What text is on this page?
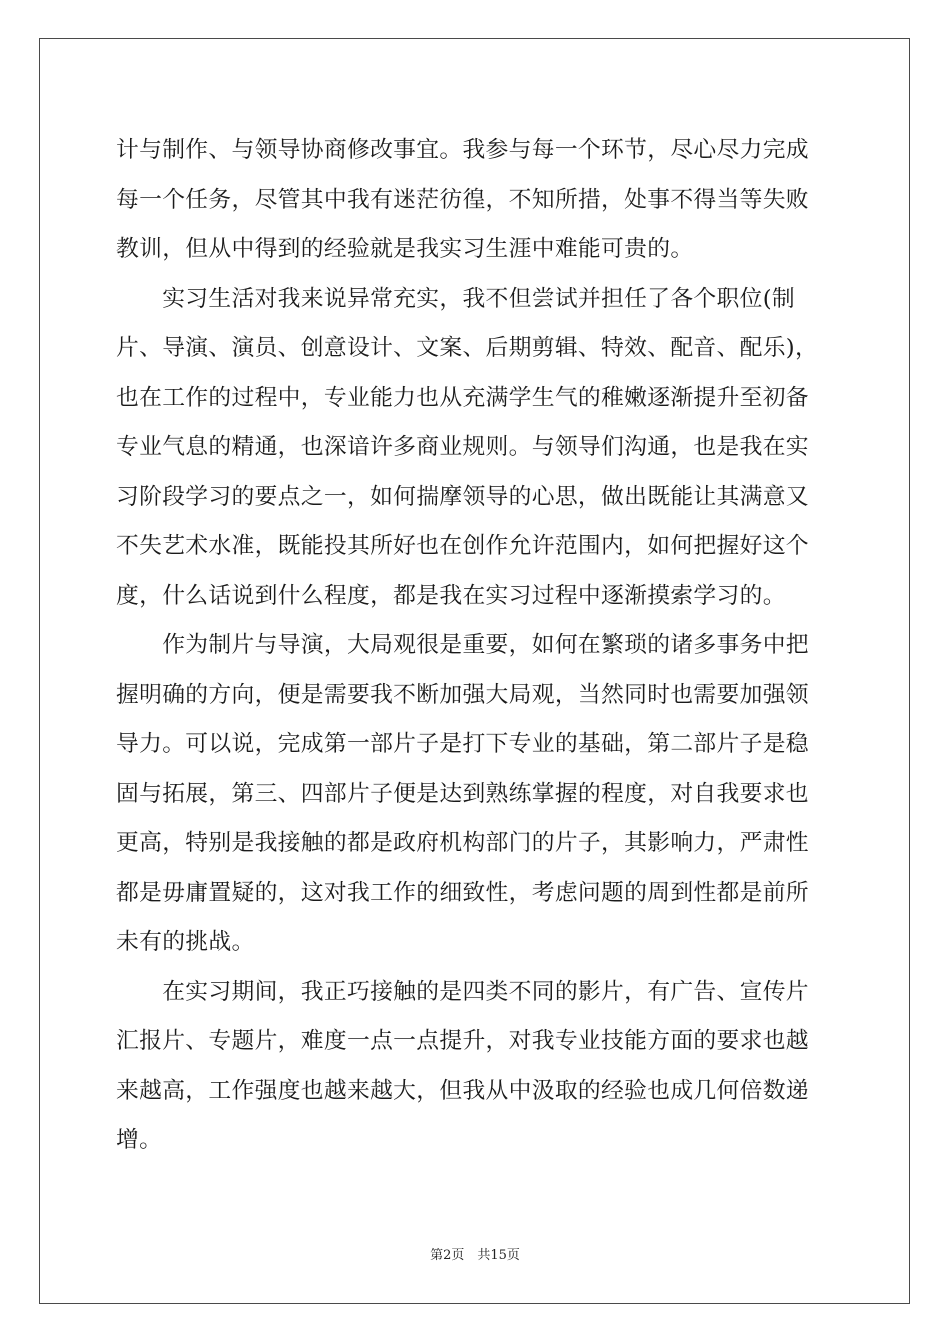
计与制作、与领导协商修改事宜。我参与每一个环节，尽心尽力完成
每一个任务，尽管其中我有迷茫彷徨，不知所措，处事不得当等失败
教训，但从中得到的经验就是我实习生涯中难能可贵的。
　　实习生活对我来说异常充实，我不但尝试并担任了各个职位(制
片、导演、演员、创意设计、文案、后期剪辑、特效、配音、配乐)，
也在工作的过程中，专业能力也从充满学生气的稚嫩逐渐提升至初备
专业气息的精通，也深谙许多商业规则。与领导们沟通，也是我在实
习阶段学习的要点之一，如何揣摩领导的心思，做出既能让其满意又
不失艺术水准，既能投其所好也在创作允许范围内，如何把握好这个
度，什么话说到什么程度，都是我在实习过程中逐渐摸索学习的。
　　作为制片与导演，大局观很是重要，如何在繁琐的诸多事务中把
握明确的方向，便是需要我不断加强大局观，当然同时也需要加强领
导力。可以说，完成第一部片子是打下专业的基础，第二部片子是稳
固与拓展，第三、四部片子便是达到熟练掌握的程度，对自我要求也
更高，特别是我接触的都是政府机构部门的片子，其影响力，严肃性
都是毋庸置疑的，这对我工作的细致性，考虑问题的周到性都是前所
未有的挑战。
　　在实习期间，我正巧接触的是四类不同的影片，有广告、宣传片
汇报片、专题片，难度一点一点提升，对我专业技能方面的要求也越
来越高，工作强度也越来越大，但我从中汲取的经验也成几何倍数递
增。
第2页　共15页
